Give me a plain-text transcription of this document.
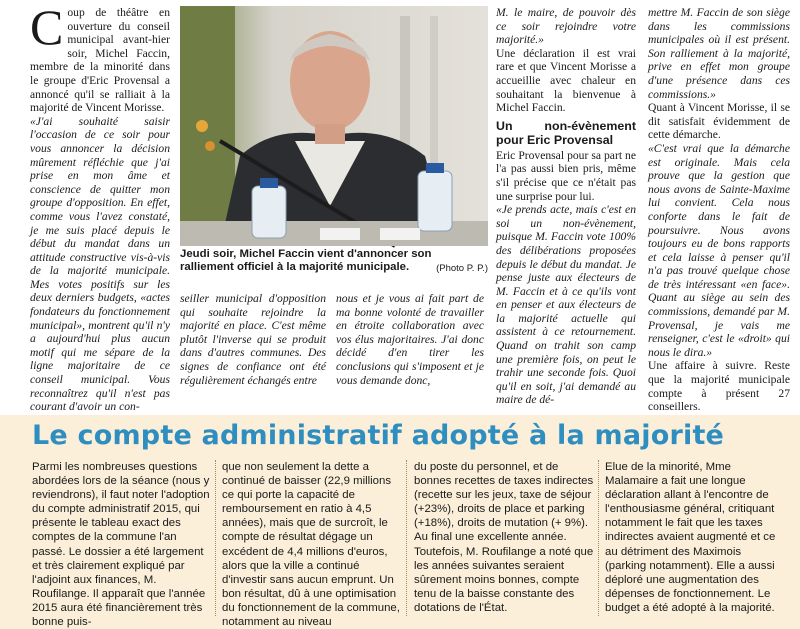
Coup de théâtre en ouverture du conseil municipal avant-hier soir, Michel Faccin, membre de la minorité dans le groupe d'Eric Provensal a annoncé qu'il se ralliait à la majorité de Vincent Morisse.

«J'ai souhaité saisir l'occasion de ce soir pour vous annoncer la décision mûrement réfléchie que j'ai prise en mon âme et conscience de quitter mon groupe d'opposition. En effet, comme vous l'avez constaté, je me suis placé depuis le début du mandat dans un attitude constructive vis-à-vis de la majorité municipale. Mes votes positifs sur les deux derniers budgets, «actes fondateurs du fonctionnement municipal», montrent qu'il n'y a aujourd'hui plus aucun motif qui me sépare de la ligne majoritaire de ce conseil municipal. Vous reconnaîtrez qu'il n'est pas courant d'avoir un con-

Jeudi soir, Michel Faccin vient d'annoncer son ralliement officiel à la majorité municipale.	(Photo P. P.)

seiller municipal d'opposition qui souhaite rejoindre la majorité en place. C'est même plutôt l'inverse qui se produit dans d'autres communes. Des signes de confiance ont été régulièrement échangés entre

nous et je vous ai fait part de ma bonne volonté de travailler en étroite collaboration avec vos élus majoritaires. J'ai donc décidé d'en tirer les conclusions qui s'imposent et je vous demande donc,

M. le maire, de pouvoir dès ce soir rejoindre votre majorité.»

Une déclaration il est vrai rare et que Vincent Morisse a accueillie avec chaleur en souhaitant la bienvenue à Michel Faccin.

Un non-évènement pour Eric Provensal

Eric Provensal pour sa part ne l'a pas aussi bien pris, même s'il précise que ce n'était pas une surprise pour lui.

«Je prends acte, mais c'est en soi un non-évènement, puisque M. Faccin vote 100% des délibérations proposées depuis le début du mandat. Je pense juste aux électeurs de M. Faccin et à ce qu'ils vont en penser et aux électeurs de la majorité actuelle qui assistent à ce retournement. Quand on trahit son camp une première fois, on peut le trahir une seconde fois. Quoi qu'il en soit, j'ai demandé au maire de dé-

mettre M. Faccin de son siège dans les commissions municipales où il est présent. Son ralliement à la majorité, prive en effet mon groupe d'une présence dans ces commissions.»

Quant à Vincent Morisse, il se dit satisfait évidemment de cette démarche.

«C'est vrai que la démarche est originale. Mais cela prouve que la gestion que nous avons de Sainte-Maxime lui convient. Cela nous conforte dans le fait de poursuivre. Nous avons toujours eu de bons rapports et cela laisse à penser qu'il n'a pas trouvé quelque chose de très intéressant «en face». Quant au siège au sein des commissions, demandé par M. Provensal, je vais me renseigner, c'est le «droit» qui nous le dira.»

Une affaire à suivre. Reste que la majorité municipale compte à présent 27 conseillers.

Le compte administratif adopté à la majorité

Parmi les nombreuses questions abordées lors de la séance (nous y reviendrons), il faut noter l'adoption du compte administratif 2015, qui présente le tableau exact des comptes de la commune l'an passé. Le dossier a été largement et très clairement expliqué par l'adjoint aux finances, M. Roufilange. Il apparaît que l'année 2015 aura été financièrement très bonne puis-

que non seulement la dette a continué de baisser (22,9 millions ce qui porte la capacité de remboursement en ratio à 4,5 années), mais que de surcroît, le compte de résultat dégage un excédent de 4,4 millions d'euros, alors que la ville a continué d'investir sans aucun emprunt. Un bon résultat, dû à une optimisation du fonctionnement de la commune, notamment au niveau

du poste du personnel, et de bonnes recettes de taxes indirectes (recette sur les jeux, taxe de séjour (+23%), droits de place et parking (+18%), droits de mutation (+ 9%). Au final une excellente année. Toutefois, M. Roufilange a noté que les années suivantes seraient sûrement moins bonnes, compte tenu de la baisse constante des dotations de l'État.

Elue de la minorité, Mme Malamaire a fait une longue déclaration allant à l'encontre de l'enthousiasme général, critiquant notamment le fait que les taxes indirectes avaient augmenté et ce au détriment des Maximois (parking notamment). Elle a aussi déploré une augmentation des dépenses de fonctionnement. Le budget a été adopté à la majorité.
